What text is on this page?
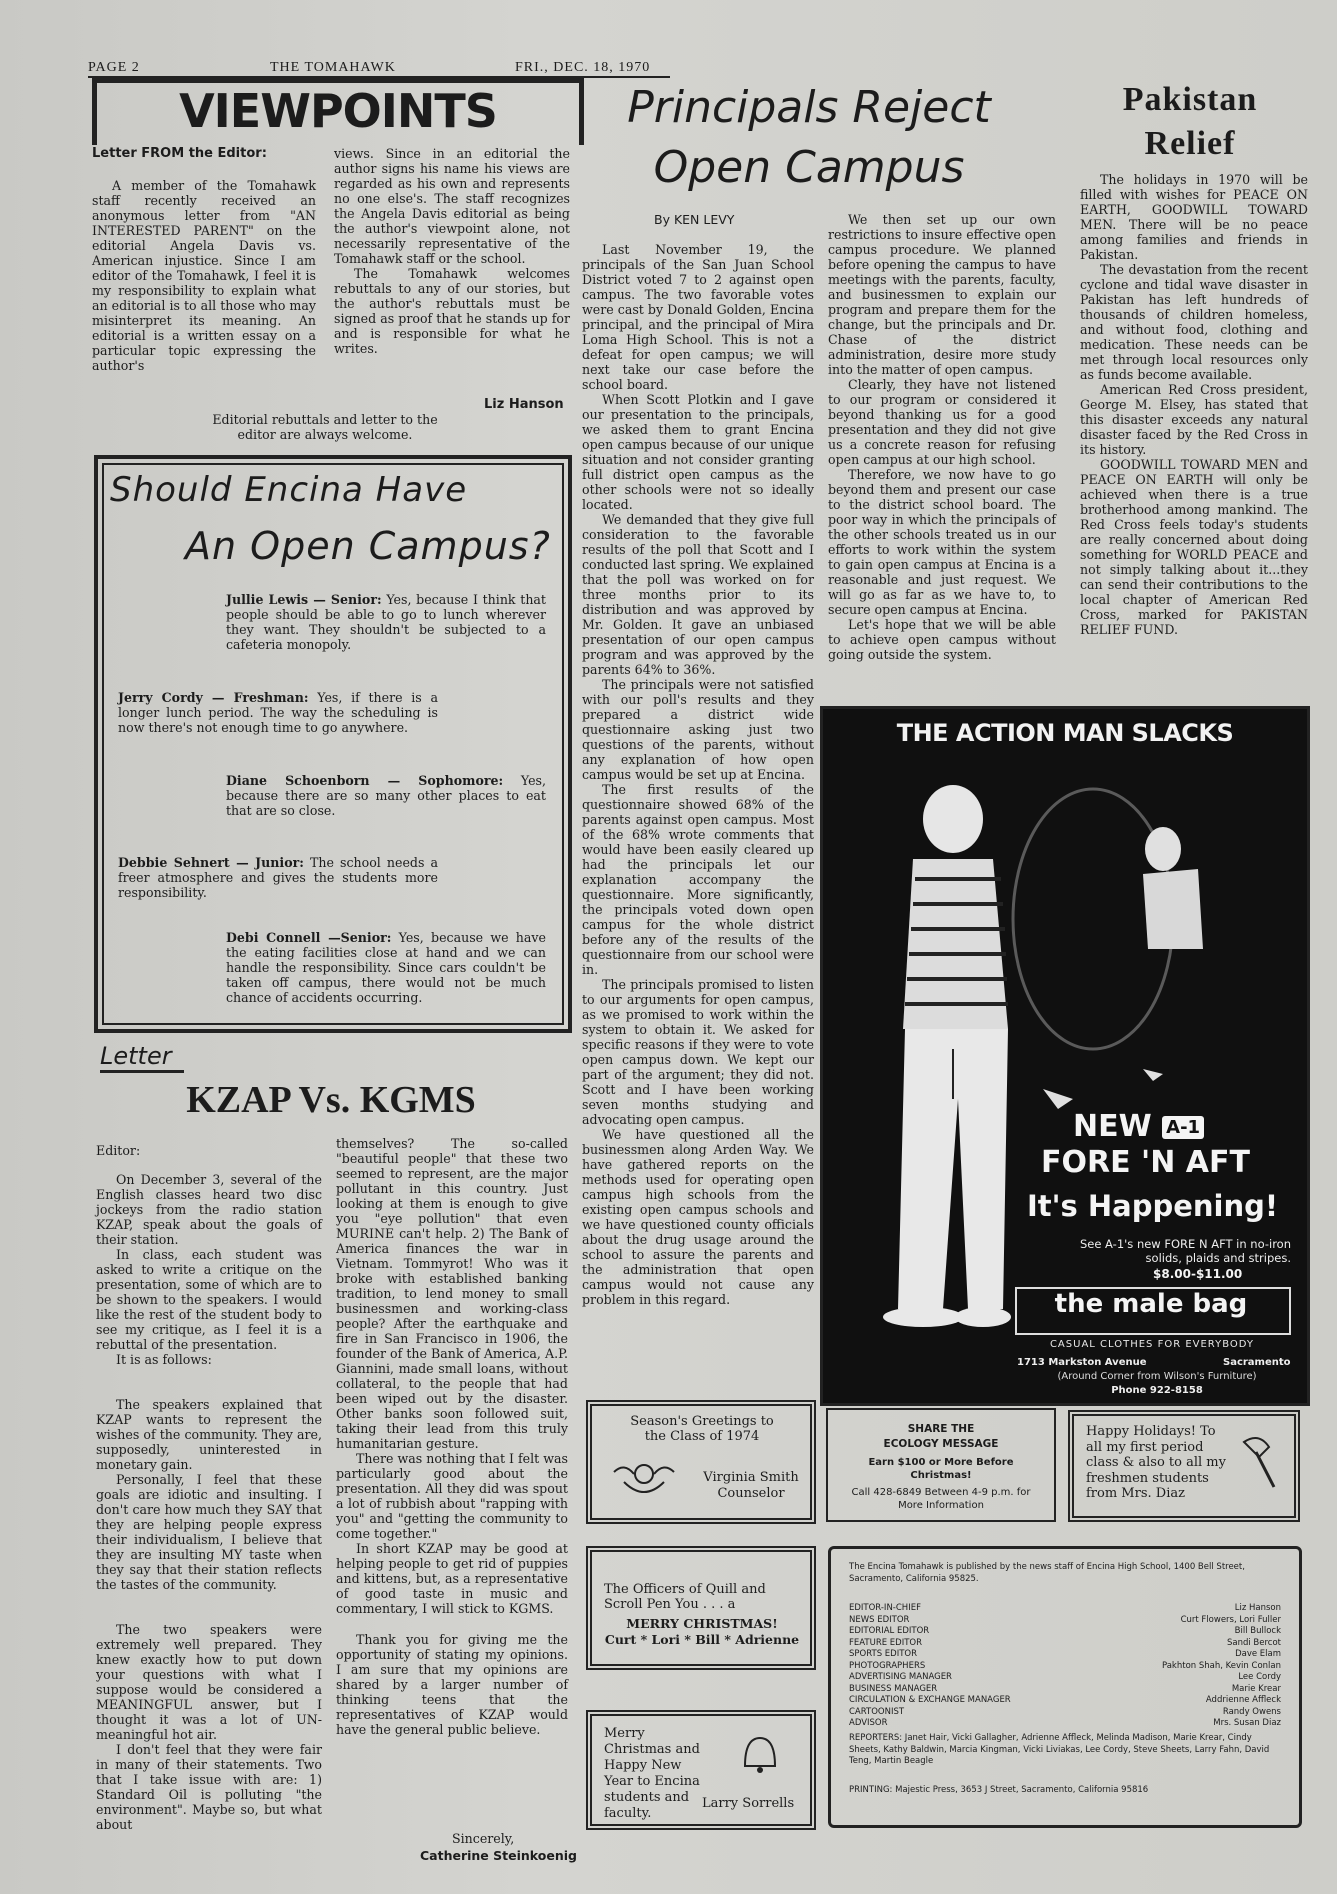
PAGE 2	THE TOMAHAWK	FRI., DEC. 18, 1970
VIEWPOINTS
Letter FROM the Editor:

A member of the Tomahawk staff recently received an anonymous letter from "AN INTERESTED PARENT" on the editorial Angela Davis vs. American injustice. Since I am editor of the Tomahawk, I feel it is my responsibility to explain what an editorial is to all those who may misinterpret its meaning. An editorial is a written essay on a particular topic expressing the author's

views. Since in an editorial the author signs his name his views are regarded as his own and represents no one else's. The staff recognizes the Angela Davis editorial as being the author's viewpoint alone, not necessarily representative of the Tomahawk staff or the school.

The Tomahawk welcomes rebuttals to any of our stories, but the author's rebuttals must be signed as proof that he stands up for and is responsible for what he writes.

Liz Hanson
Editorial rebuttals and letter to the editor are always welcome.
Should Encina Have
An Open Campus?
Jullie Lewis — Senior: Yes, because I think that people should be able to go to lunch wherever they want. They shouldn't be subjected to a cafeteria monopoly.
Jerry Cordy — Freshman: Yes, if there is a longer lunch period. The way the scheduling is now there's not enough time to go anywhere.
Diane Schoenborn — Sophomore: Yes, because there are so many other places to eat that are so close.
Debbie Sehnert — Junior: The school needs a freer atmosphere and gives the students more responsibility.
Debi Connell —Senior: Yes, because we have the eating facilities close at hand and we can handle the responsibility. Since cars couldn't be taken off campus, there would not be much chance of accidents occurring.
Letter
KZAP Vs. KGMS
Editor:

On December 3, several of the English classes heard two disc jockeys from the radio station KZAP, speak about the goals of their station.

In class, each student was asked to write a critique on the presentation, some of which are to be shown to the speakers. I would like the rest of the student body to see my critique, as I feel it is a rebuttal of the presentation.

It is as follows:

The speakers explained that KZAP wants to represent the wishes of the community. They are, supposedly, uninterested in monetary gain.

Personally, I feel that these goals are idiotic and insulting. I don't care how much they SAY that they are helping people express their individualism, I believe that they are insulting MY taste when they say that their station reflects the tastes of the community.

The two speakers were extremely well prepared. They knew exactly how to put down your questions with what I suppose would be considered a MEANINGFUL answer, but I thought it was a lot of UN-meaningful hot air.

I don't feel that they were fair in many of their statements. Two that I take issue with are: 1) Standard Oil is polluting "the environment". Maybe so, but what about

themselves? The so-called "beautiful people" that these two seemed to represent, are the major pollutant in this country. Just looking at them is enough to give you "eye pollution" that even MURINE can't help. 2) The Bank of America finances the war in Vietnam. Tommyrot! Who was it broke with established banking tradition, to lend money to small businessmen and working-class people? After the earthquake and fire in San Francisco in 1906, the founder of the Bank of America, A.P. Giannini, made small loans, without collateral, to the people that had been wiped out by the disaster. Other banks soon followed suit, taking their lead from this truly humanitarian gesture.

There was nothing that I felt was particularly good about the presentation. All they did was spout a lot of rubbish about "rapping with you" and "getting the community to come together."

In short KZAP may be good at helping people to get rid of puppies and kittens, but, as a representative of good taste in music and commentary, I will stick to KGMS.

Thank you for giving me the opportunity of stating my opinions. I am sure that my opinions are shared by a larger number of thinking teens that the representatives of KZAP would have the general public believe.

Sincerely,
Catherine Steinkoenig
Principals Reject
Open Campus
By KEN LEVY

Last November 19, the principals of the San Juan School District voted 7 to 2 against open campus. The two favorable votes were cast by Donald Golden, Encina principal, and the principal of Mira Loma High School. This is not a defeat for open campus; we will next take our case before the school board.

When Scott Plotkin and I gave our presentation to the principals, we asked them to grant Encina open campus because of our unique situation and not consider granting full district open campus as the other schools were not so ideally located.

We demanded that they give full consideration to the favorable results of the poll that Scott and I conducted last spring. We explained that the poll was worked on for three months prior to its distribution and was approved by Mr. Golden. It gave an unbiased presentation of our open campus program and was approved by the parents 64% to 36%.

The principals were not satisfied with our poll's results and they prepared a district wide questionnaire asking just two questions of the parents, without any explanation of how open campus would be set up at Encina.

The first results of the questionnaire showed 68% of the parents against open campus. Most of the 68% wrote comments that would have been easily cleared up had the principals let our explanation accompany the questionnaire. More significantly, the principals voted down open campus for the whole district before any of the results of the questionnaire from our school were in.

The principals promised to listen to our arguments for open campus, as we promised to work within the system to obtain it. We asked for specific reasons if they were to vote open campus down. We kept our part of the argument; they did not. Scott and I have been working seven months studying and advocating open campus.

We have questioned all the businessmen along Arden Way. We have gathered reports on the methods used for operating open campus high schools from the existing open campus schools and we have questioned county officials about the drug usage around the school to assure the parents and the administration that open campus would not cause any problem in this regard.

We then set up our own restrictions to insure effective open campus procedure. We planned before opening the campus to have meetings with the parents, faculty, and businessmen to explain our program and prepare them for the change, but the principals and Dr. Chase of the district administration, desire more study into the matter of open campus.

Clearly, they have not listened to our program or considered it beyond thanking us for a good presentation and they did not give us a concrete reason for refusing open campus at our high school.

Therefore, we now have to go beyond them and present our case to the district school board. The poor way in which the principals of the other schools treated us in our efforts to work within the system to gain open campus at Encina is a reasonable and just request. We will go as far as we have to, to secure open campus at Encina.

Let's hope that we will be able to achieve open campus without going outside the system.

Pakistan
Relief

The holidays in 1970 will be filled with wishes for PEACE ON EARTH, GOODWILL TOWARD MEN. There will be no peace among families and friends in Pakistan.

The devastation from the recent cyclone and tidal wave disaster in Pakistan has left hundreds of thousands of children homeless, and without food, clothing and medication. These needs can be met through local resources only as funds become available.

American Red Cross president, George M. Elsey, has stated that this disaster exceeds any natural disaster faced by the Red Cross in its history.

GOODWILL TOWARD MEN and PEACE ON EARTH will only be achieved when there is a true brotherhood among mankind. The Red Cross feels today's students are really concerned about doing something for WORLD PEACE and not simply talking about it...they can send their contributions to the local chapter of American Red Cross, marked for PAKISTAN RELIEF FUND.

THE ACTION MAN SLACKS
NEW A-1
FORE 'N AFT
It's Happening!
See A-1's new FORE N AFT in no-iron solids, plaids and stripes.
$8.00-$11.00
the male bag
CASUAL CLOTHES FOR EVERYBODY
1713 Markston Avenue	Sacramento
(Around Corner from Wilson's Furniture)
Phone 922-8158
Season's Greetings to the Class of 1974
Virginia Smith
Counselor
SHARE THE
ECOLOGY MESSAGE
Earn $100 or More Before Christmas!
Call 428-6849 Between 4-9 p.m. for More Information
Happy Holidays! To all my first period class & also to all my freshmen students from Mrs. Diaz
The Officers of Quill and Scroll Pen You . . . a
MERRY CHRISTMAS!
Curt * Lori * Bill * Adrienne
Merry Christmas and Happy New Year to Encina students and faculty.
Larry Sorrells
The Encina Tomahawk is published by the news staff of Encina High School, 1400 Bell Street, Sacramento, California 95825.
EDITOR-IN-CHIEF	Liz Hanson
NEWS EDITOR	Curt Flowers, Lori Fuller
EDITORIAL EDITOR	Bill Bullock
FEATURE EDITOR	Sandi Bercot
SPORTS EDITOR	Dave Elam
PHOTOGRAPHERS	Pakhton Shah, Kevin Conlan
ADVERTISING MANAGER	Lee Cordy
BUSINESS MANAGER	Marie Krear
CIRCULATION & EXCHANGE MANAGER	Addrienne Affleck
CARTOONIST	Randy Owens
ADVISOR	Mrs. Susan Diaz
REPORTERS: Janet Hair, Vicki Gallagher, Adrienne Affleck, Melinda Madison, Marie Krear, Cindy Sheets, Kathy Baldwin, Marcia Kingman, Vicki Liviakas, Lee Cordy, Steve Sheets, Larry Fahn, David Teng, Martin Beagle
PRINTING: Majestic Press, 3653 J Street, Sacramento, California 95816
